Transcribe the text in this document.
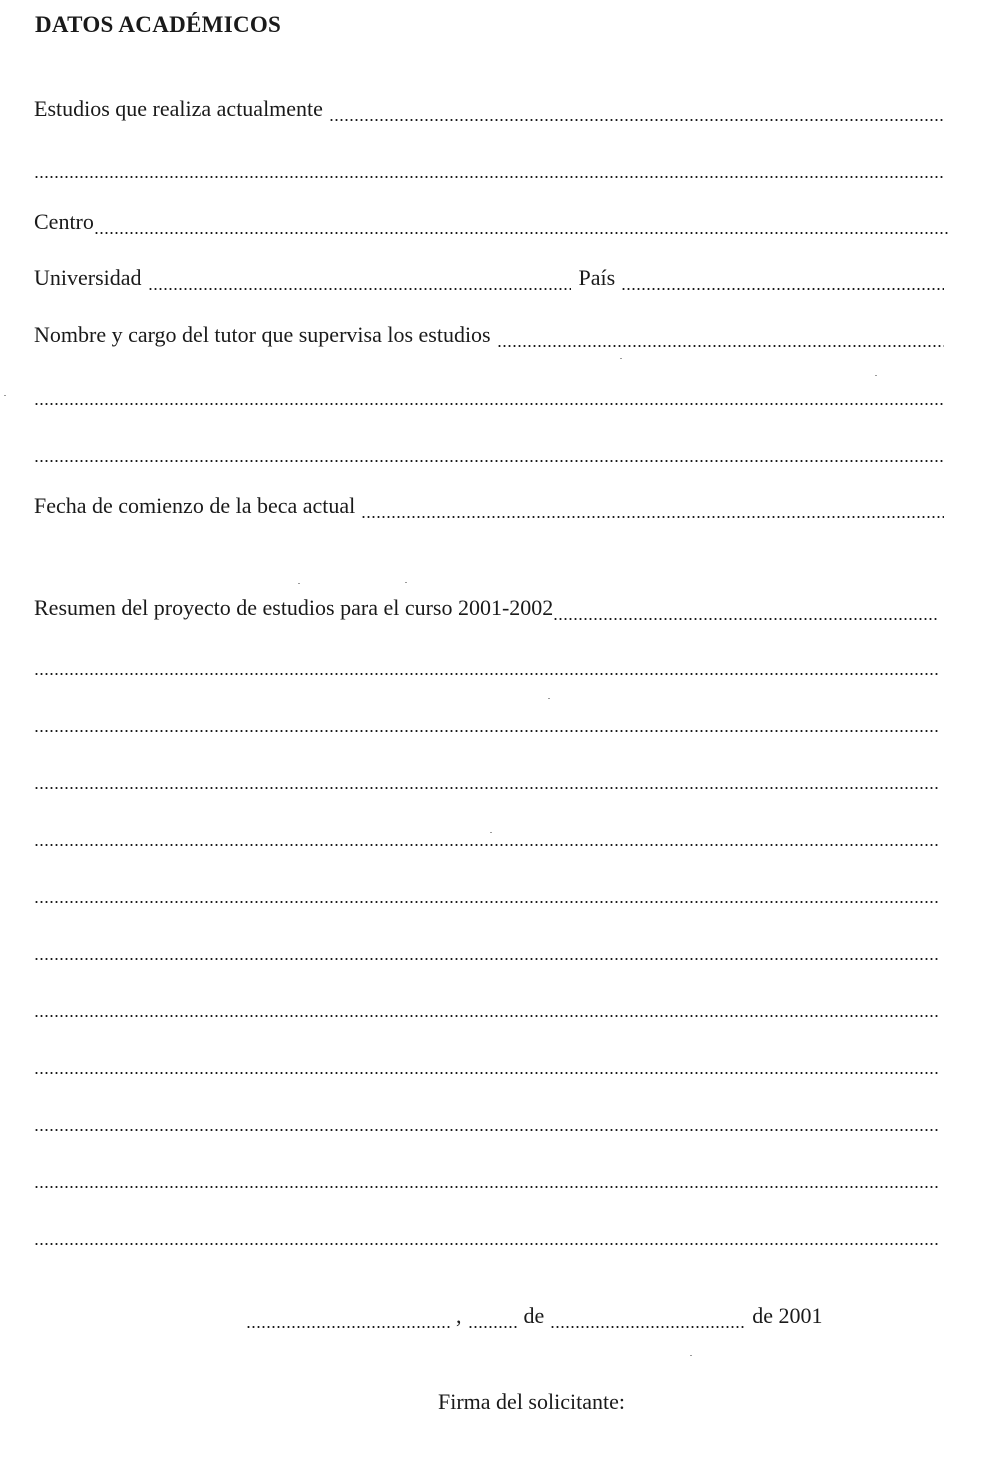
DATOS ACADÉMICOS
Estudios que realiza actualmente
Centro
Universidad	País
Nombre y cargo del tutor que supervisa los estudios
Fecha de comienzo de la beca actual
Resumen del proyecto de estudios para el curso 2001-2002
,	de	de 2001
Firma del solicitante:
